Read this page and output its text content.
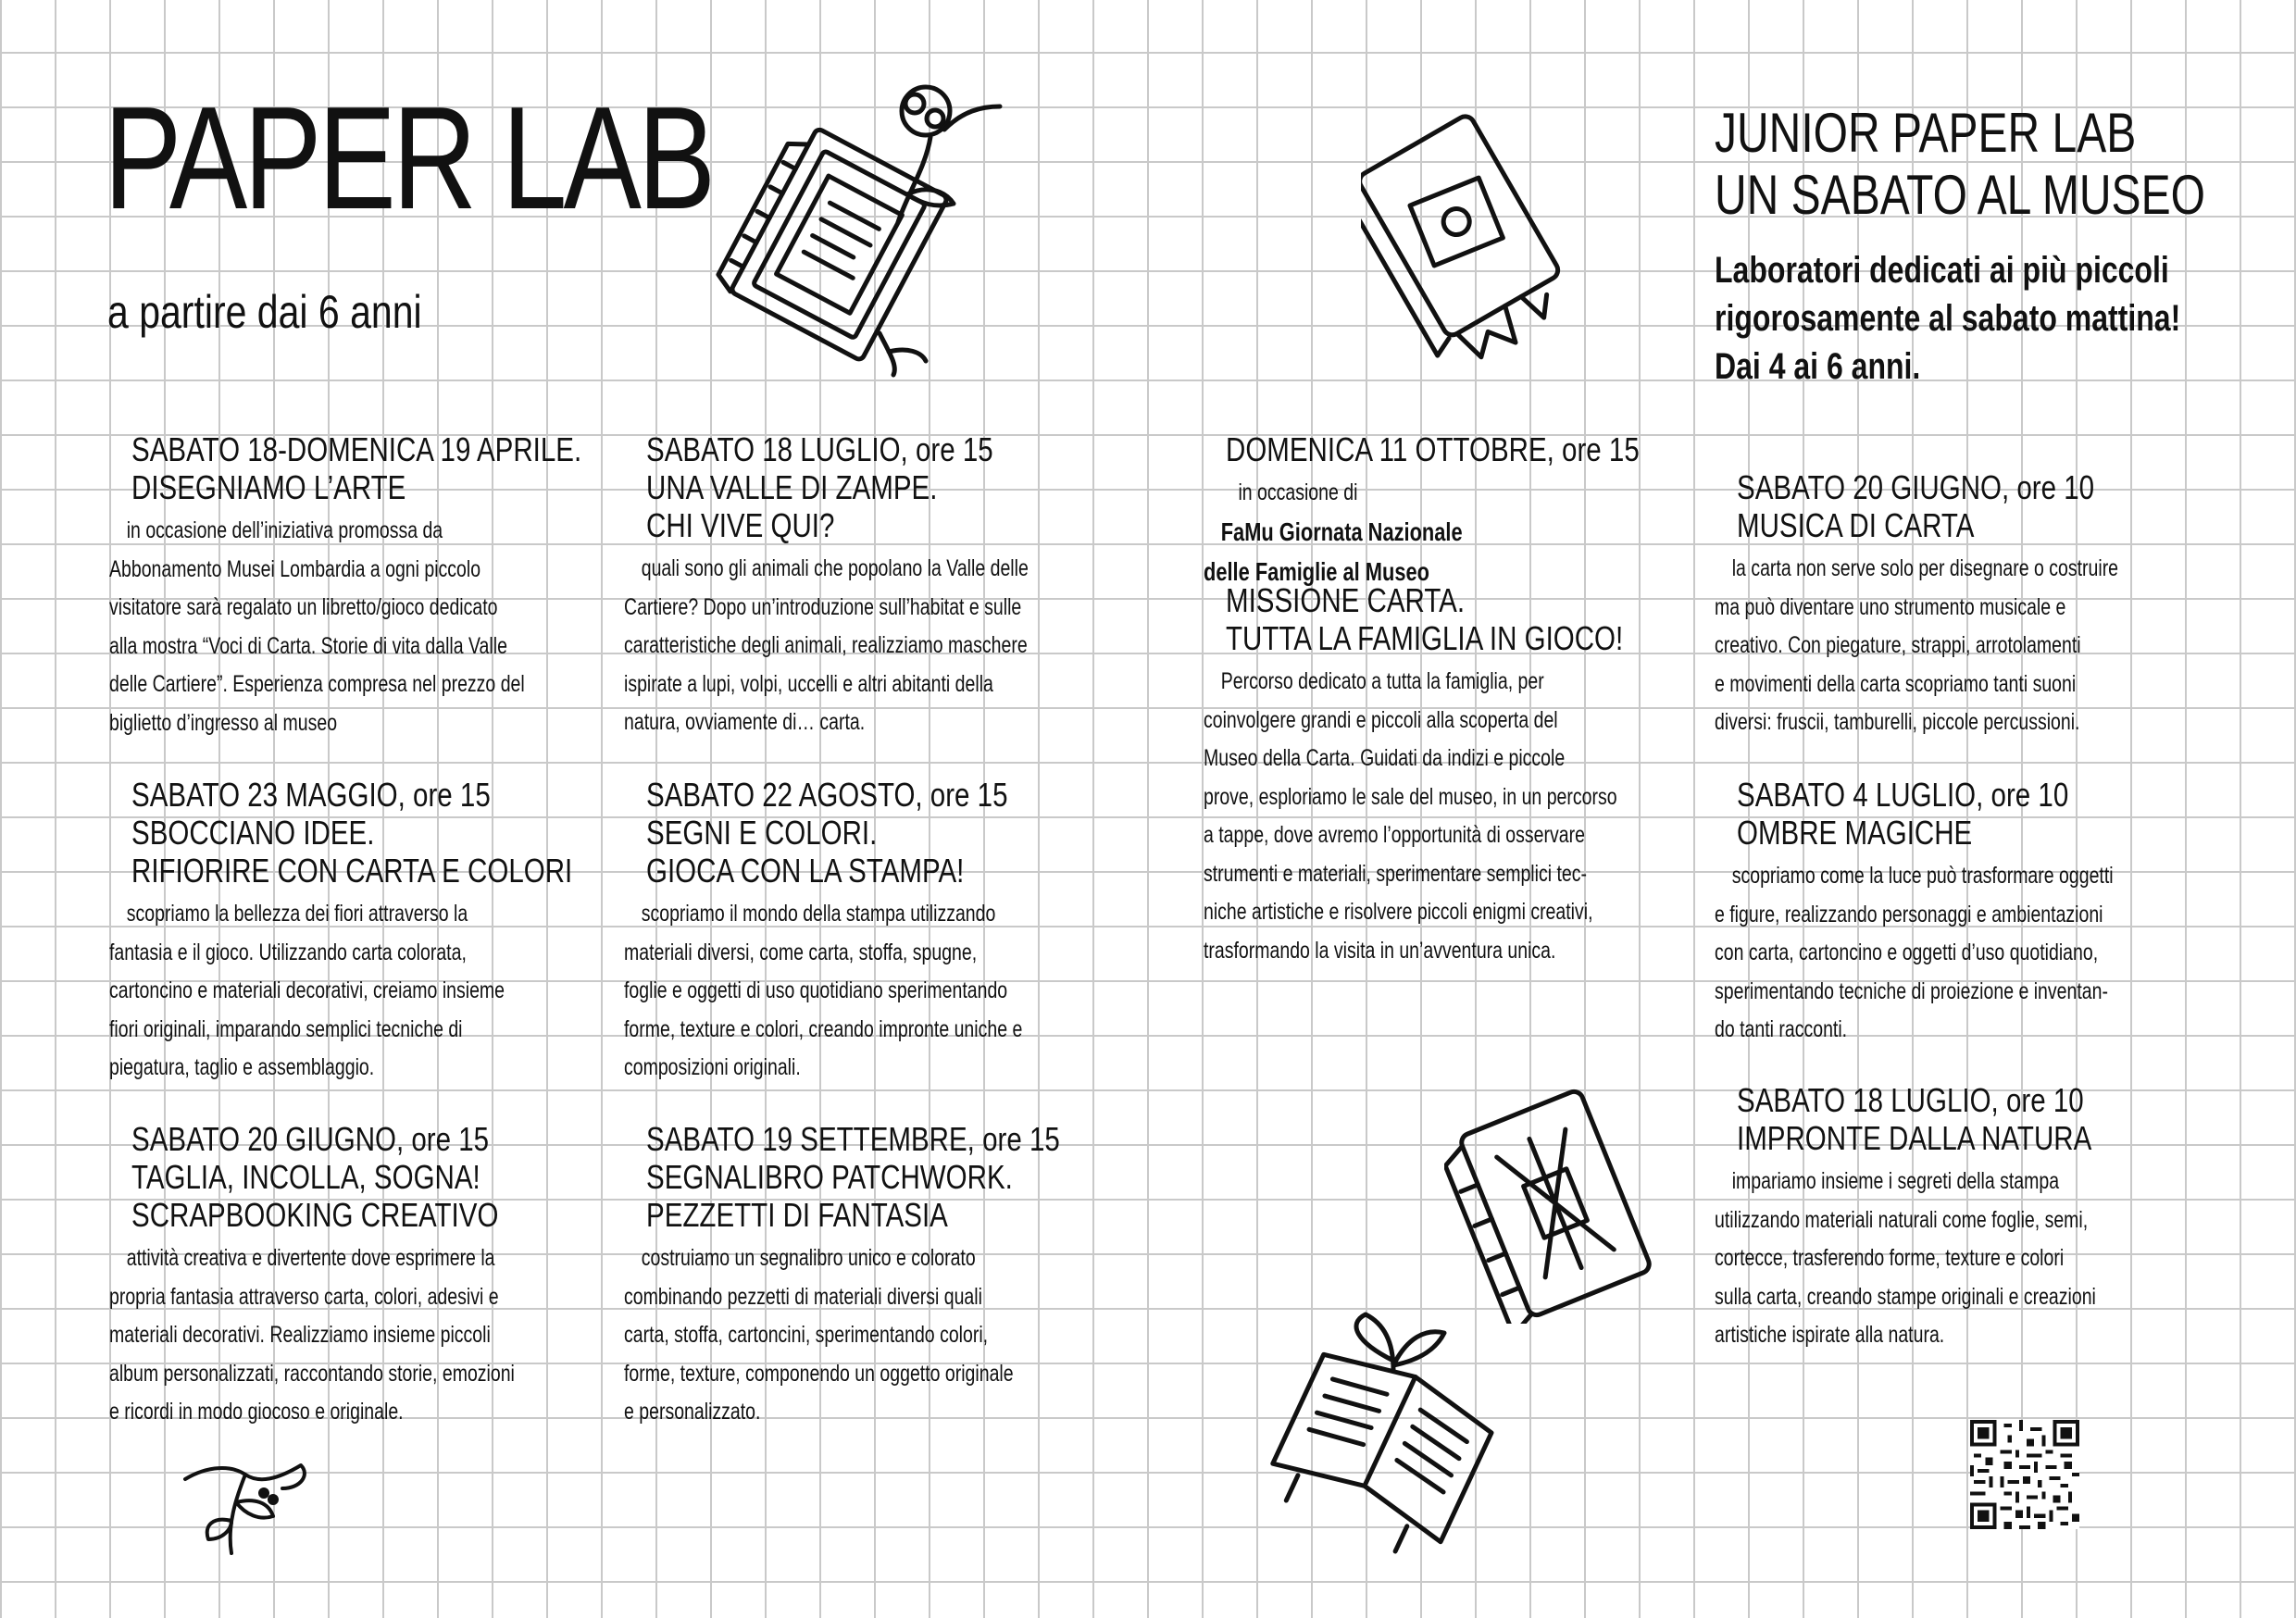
PAPER LAB
a partire dai 6 anni
SABATO 18-DOMENICA 19 APRILE.
DISEGNIAMO L’ARTE
in occasione dell’iniziativa promossa da
Abbonamento Musei Lombardia a ogni piccolo
visitatore sarà regalato un libretto/gioco dedicato
alla mostra “Voci di Carta. Storie di vita dalla Valle
delle Cartiere”. Esperienza compresa nel prezzo del
biglietto d’ingresso al museo
SABATO 23 MAGGIO, ore 15
SBOCCIANO IDEE.
RIFIORIRE CON CARTA E COLORI
scopriamo la bellezza dei fiori attraverso la
fantasia e il gioco. Utilizzando carta colorata,
cartoncino e materiali decorativi, creiamo insieme
fiori originali, imparando semplici tecniche di
piegatura, taglio e assemblaggio.
SABATO 20 GIUGNO, ore 15
TAGLIA, INCOLLA, SOGNA!
SCRAPBOOKING CREATIVO
attività creativa e divertente dove esprimere la
propria fantasia attraverso carta, colori, adesivi e
materiali decorativi. Realizziamo insieme piccoli
album personalizzati, raccontando storie, emozioni
e ricordi in modo giocoso e originale.
SABATO 18 LUGLIO, ore 15
UNA VALLE DI ZAMPE.
CHI VIVE QUI?
quali sono gli animali che popolano la Valle delle
Cartiere? Dopo un’introduzione sull’habitat e sulle
caratteristiche degli animali, realizziamo maschere
ispirate a lupi, volpi, uccelli e altri abitanti della
natura, ovviamente di… carta.
SABATO 22 AGOSTO, ore 15
SEGNI E COLORI.
GIOCA CON LA STAMPA!
scopriamo il mondo della stampa utilizzando
materiali diversi, come carta, stoffa, spugne,
foglie e oggetti di uso quotidiano sperimentando
forme, texture e colori, creando impronte uniche e
composizioni originali.
SABATO 19 SETTEMBRE, ore 15
SEGNALIBRO PATCHWORK.
PEZZETTI DI FANTASIA
costruiamo un segnalibro unico e colorato
combinando pezzetti di materiali diversi quali
carta, stoffa, cartoncini, sperimentando colori,
forme, texture, componendo un oggetto originale
e personalizzato.
DOMENICA 11 OTTOBRE, ore 15
in occasione di
FaMu Giornata Nazionale
delle Famiglie al Museo
MISSIONE CARTA.
TUTTA LA FAMIGLIA IN GIOCO!
Percorso dedicato a tutta la famiglia, per
coinvolgere grandi e piccoli alla scoperta del
Museo della Carta. Guidati da indizi e piccole
prove, esploriamo le sale del museo, in un percorso
a tappe, dove avremo l’opportunità di osservare
strumenti e materiali, sperimentare semplici tec-
niche artistiche e risolvere piccoli enigmi creativi,
trasformando la visita in un’avventura unica.
JUNIOR PAPER LAB
UN SABATO AL MUSEO
Laboratori dedicati ai più piccoli
rigorosamente al sabato mattina!
Dai 4 ai 6 anni.
SABATO 20 GIUGNO, ore 10
MUSICA DI CARTA
la carta non serve solo per disegnare o costruire
ma può diventare uno strumento musicale e
creativo. Con piegature, strappi, arrotolamenti
e movimenti della carta scopriamo tanti suoni
diversi: fruscii, tamburelli, piccole percussioni.
SABATO 4 LUGLIO, ore 10
OMBRE MAGICHE
scopriamo come la luce può trasformare oggetti
e figure, realizzando personaggi e ambientazioni
con carta, cartoncino e oggetti d’uso quotidiano,
sperimentando tecniche di proiezione e inventan-
do tanti racconti.
SABATO 18 LUGLIO, ore 10
IMPRONTE DALLA NATURA
impariamo insieme i segreti della stampa
utilizzando materiali naturali come foglie, semi,
cortecce, trasferendo forme, texture e colori
sulla carta, creando stampe originali e creazioni
artistiche ispirate alla natura.
